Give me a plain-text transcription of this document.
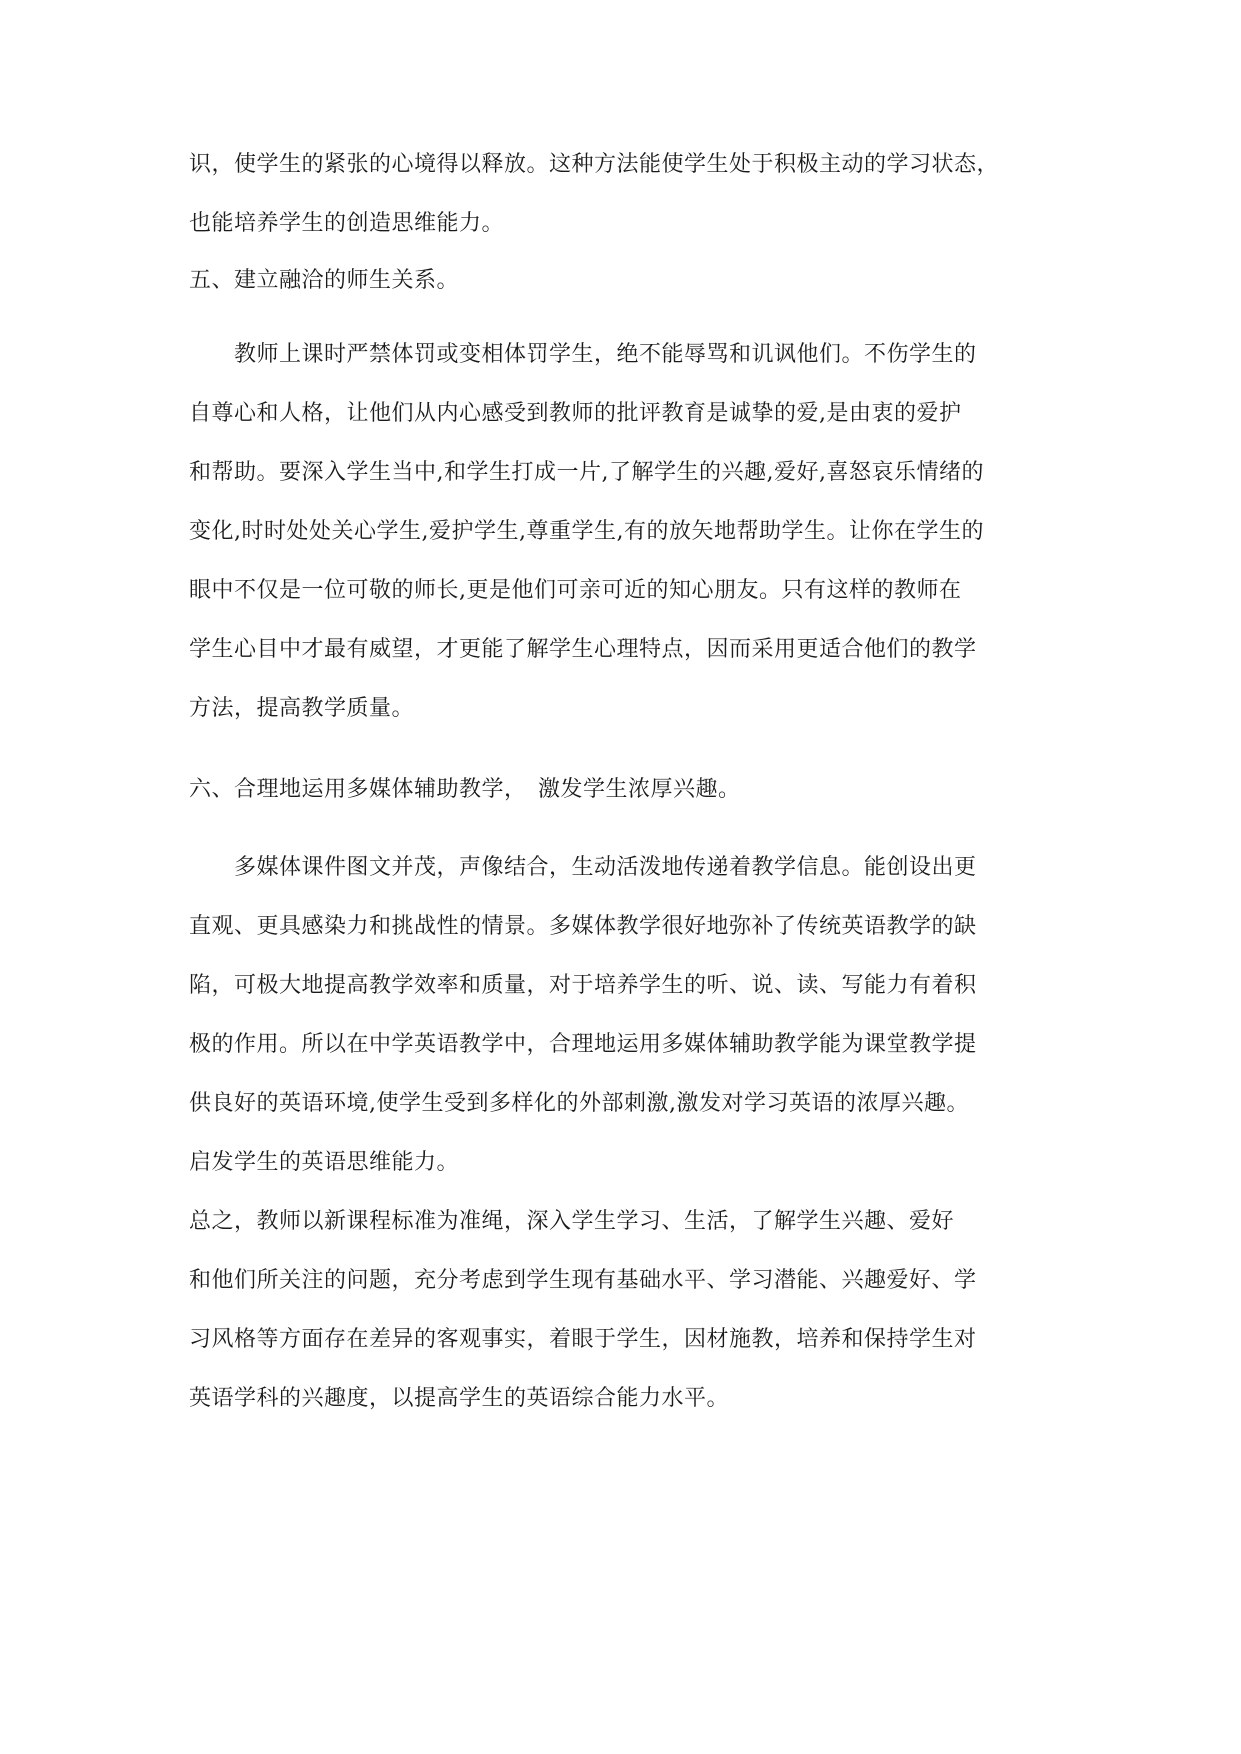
识，使学生的紧张的心境得以释放。这种方法能使学生处于积极主动的学习状态，
也能培养学生的创造思维能力。
五、建立融洽的师生关系。
　　教师上课时严禁体罚或变相体罚学生，绝不能辱骂和讥讽他们。不伤学生的
自尊心和人格，让他们从内心感受到教师的批评教育是诚挚的爱,是由衷的爱护
和帮助。要深入学生当中,和学生打成一片,了解学生的兴趣,爱好,喜怒哀乐情绪的
变化,时时处处关心学生,爱护学生,尊重学生,有的放矢地帮助学生。让你在学生的
眼中不仅是一位可敬的师长,更是他们可亲可近的知心朋友。只有这样的教师在
学生心目中才最有威望，才更能了解学生心理特点，因而采用更适合他们的教学
方法，提高教学质量。
六、合理地运用多媒体辅助教学，　激发学生浓厚兴趣。
　　多媒体课件图文并茂，声像结合，生动活泼地传递着教学信息。能创设出更
直观、更具感染力和挑战性的情景。多媒体教学很好地弥补了传统英语教学的缺
陷，可极大地提高教学效率和质量，对于培养学生的听、说、读、写能力有着积
极的作用。所以在中学英语教学中，合理地运用多媒体辅助教学能为课堂教学提
供良好的英语环境,使学生受到多样化的外部刺激,激发对学习英语的浓厚兴趣。
启发学生的英语思维能力。
总之，教师以新课程标准为准绳，深入学生学习、生活，了解学生兴趣、爱好
和他们所关注的问题，充分考虑到学生现有基础水平、学习潜能、兴趣爱好、学
习风格等方面存在差异的客观事实，着眼于学生，因材施教，培养和保持学生对
英语学科的兴趣度，以提高学生的英语综合能力水平。
